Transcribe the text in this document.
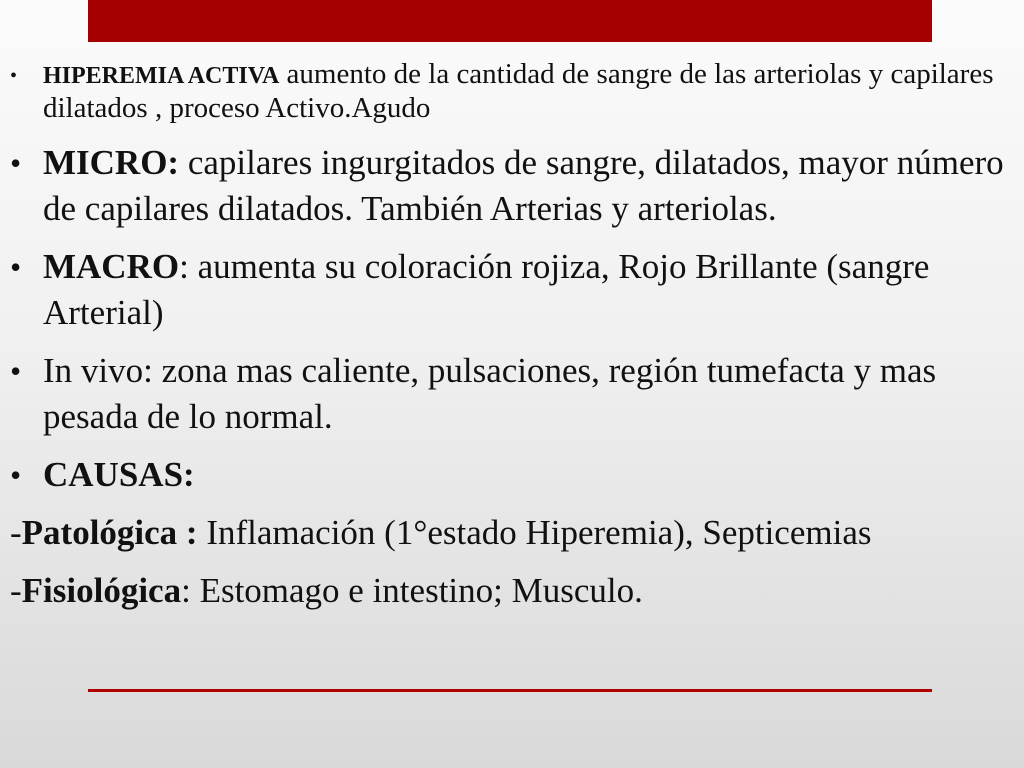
• HIPEREMIA ACTIVA aumento de la cantidad de sangre de las arteriolas y capilares dilatados , proceso Activo.Agudo

• MICRO: capilares ingurgitados de sangre, dilatados, mayor número de capilares dilatados. También Arterias y arteriolas.

• MACRO: aumenta su coloración rojiza, Rojo Brillante (sangre Arterial)

• In vivo: zona mas caliente, pulsaciones, región tumefacta y mas pesada de lo normal.

• CAUSAS:

-Patológica : Inflamación (1°estado Hiperemia), Septicemias

-Fisiológica: Estomago e intestino; Musculo.
